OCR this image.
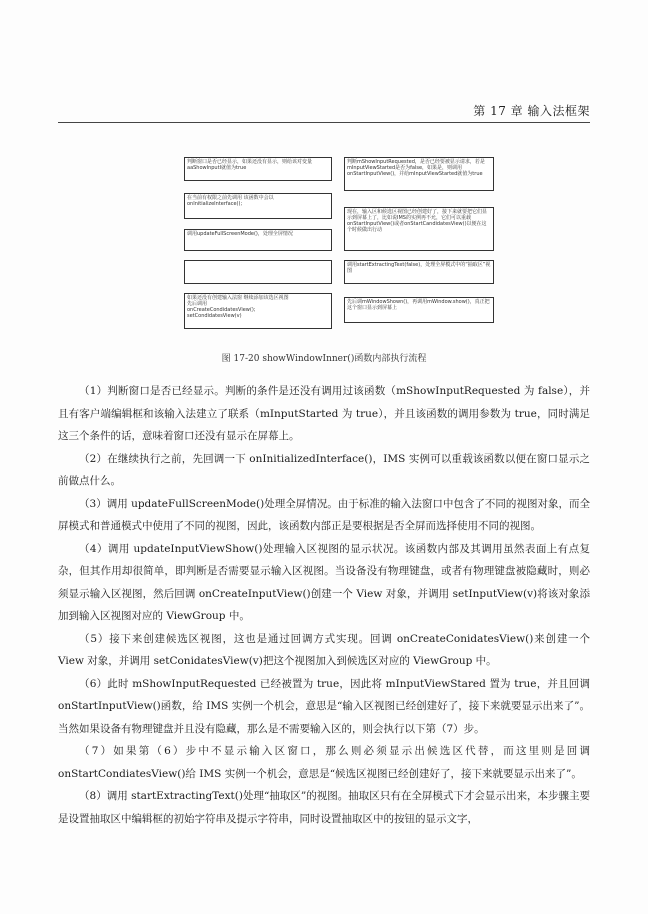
第 17 章 输入法框架
判断窗口是否已经显示，如果还没有显示，则给该对变量aaShowInputI就值为true
在当前有权限之前先调用 该函数中会以
onInitializeInterface();
调用updateFullScreenMode()，处理全屏情况
如果还没有创建输入法窗 继续添加该选区视图
先后调用
onCreateCondidatesView();
setCondidatesView(v)
判断mShowInputRequested，是否已经要被显示请求，若是mInputViewStarted是否为false，如果是，则调用onStartInputView()，并给mInputViewStarted就值为true
现在，输入区和候选区视图已经创建好了，接下来就要把它们显示到屏幕上了，比如说IMS的实例再不允，它们可以重载onStartInputView()或者onStartCandidatesView()以便在这个时候做出行动
调用startExtractingText(false)，处理全屏模式中的“抽取区”视图
先后调mWindowShown()，再调用mWindow.show()，真正把这个窗口显示到屏幕上
图 17-20 showWindowInner()函数内部执行流程

（1）判断窗口是否已经显示。判断的条件是还没有调用过该函数（mShowInputRequested 为 false），并且有客户端编辑框和该输入法建立了联系（mInputStarted 为 true），并且该函数的调用参数为 true，同时满足这三个条件的话，意味着窗口还没有显示在屏幕上。

（2）在继续执行之前，先回调一下 onInitializedInterface()，IMS 实例可以重载该函数以便在窗口显示之前做点什么。

（3）调用 updateFullScreenMode()处理全屏情况。由于标准的输入法窗口中包含了不同的视图对象，而全屏模式和普通模式中使用了不同的视图，因此，该函数内部正是要根据是否全屏而选择使用不同的视图。

（4）调用 updateInputViewShow()处理输入区视图的显示状况。该函数内部及其调用虽然表面上有点复杂，但其作用却很简单，即判断是否需要显示输入区视图。当设备没有物理键盘，或者有物理键盘被隐藏时，则必须显示输入区视图，然后回调 onCreateInputView()创建一个 View 对象，并调用 setInputView(v)将该对象添加到输入区视图对应的 ViewGroup 中。

（5）接下来创建候选区视图，这也是通过回调方式实现。回调 onCreateConidatesView()来创建一个 View 对象，并调用 setConidatesView(v)把这个视图加入到候选区对应的 ViewGroup 中。

（6）此时 mShowInputRequested 已经被置为 true，因此将 mInputViewStared 置为 true，并且回调 onStartInputView()函数，给 IMS 实例一个机会，意思是“输入区视图已经创建好了，接下来就要显示出来了”。当然如果设备有物理键盘并且没有隐藏，那么是不需要输入区的，则会执行以下第（7）步。

（7）如果第（6）步中不显示输入区窗口，那么则必须显示出候选区代替，而这里则是回调 onStartCondiatesView()给 IMS 实例一个机会，意思是“候选区视图已经创建好了，接下来就要显示出来了”。

（8）调用 startExtractingText()处理“抽取区”的视图。抽取区只有在全屏模式下才会显示出来，本步骤主要是设置抽取区中编辑框的初始字符串及提示字符串，同时设置抽取区中的按钮的显示文字，
